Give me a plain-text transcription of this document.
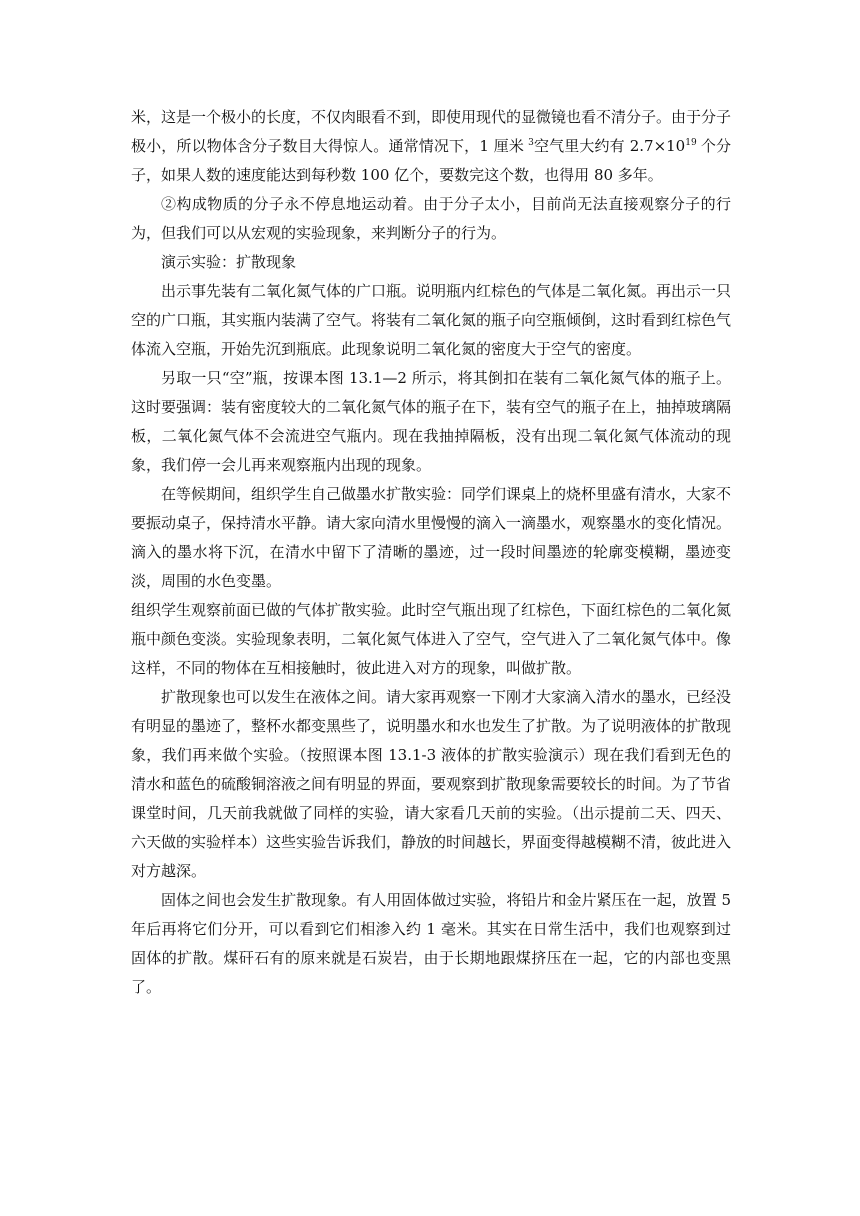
米，这是一个极小的长度，不仅肉眼看不到，即使用现代的显微镜也看不清分子。由于分子极小，所以物体含分子数目大得惊人。通常情况下，1 厘米 $^3$空气里大约有 $2.7\times 10^{19}$ 个分子，如果人数的速度能达到每秒数 100 亿个，要数完这个数，也得用 80 多年。

②构成物质的分子永不停息地运动着。由于分子太小，目前尚无法直接观察分子的行为，但我们可以从宏观的实验现象，来判断分子的行为。

演示实验：扩散现象

出示事先装有二氧化氮气体的广口瓶。说明瓶内红棕色的气体是二氧化氮。再出示一只空的广口瓶，其实瓶内装满了空气。将装有二氧化氮的瓶子向空瓶倾倒，这时看到红棕色气体流入空瓶，开始先沉到瓶底。此现象说明二氧化氮的密度大于空气的密度。

另取一只“空”瓶，按课本图 13.1—2 所示，将其倒扣在装有二氧化氮气体的瓶子上。这时要强调：装有密度较大的二氧化氮气体的瓶子在下，装有空气的瓶子在上，抽掉玻璃隔板，二氧化氮气体不会流进空气瓶内。现在我抽掉隔板，没有出现二氧化氮气体流动的现象，我们停一会儿再来观察瓶内出现的现象。

在等候期间，组织学生自己做墨水扩散实验：同学们课桌上的烧杯里盛有清水，大家不要振动桌子，保持清水平静。请大家向清水里慢慢的滴入一滴墨水，观察墨水的变化情况。滴入的墨水将下沉，在清水中留下了清晰的墨迹，过一段时间墨迹的轮廓变模糊，墨迹变淡，周围的水色变墨。

组织学生观察前面已做的气体扩散实验。此时空气瓶出现了红棕色，下面红棕色的二氧化氮瓶中颜色变淡。实验现象表明，二氧化氮气体进入了空气，空气进入了二氧化氮气体中。像这样，不同的物体在互相接触时，彼此进入对方的现象，叫做扩散。

扩散现象也可以发生在液体之间。请大家再观察一下刚才大家滴入清水的墨水，已经没有明显的墨迹了，整杯水都变黑些了，说明墨水和水也发生了扩散。为了说明液体的扩散现象，我们再来做个实验。（按照课本图 13.1-3 液体的扩散实验演示）现在我们看到无色的清水和蓝色的硫酸铜溶液之间有明显的界面，要观察到扩散现象需要较长的时间。为了节省课堂时间，几天前我就做了同样的实验，请大家看几天前的实验。（出示提前二天、四天、六天做的实验样本）这些实验告诉我们，静放的时间越长，界面变得越模糊不清，彼此进入对方越深。

固体之间也会发生扩散现象。有人用固体做过实验，将铅片和金片紧压在一起，放置 5 年后再将它们分开，可以看到它们相渗入约 1 毫米。其实在日常生活中，我们也观察到过固体的扩散。煤矸石有的原来就是石炭岩，由于长期地跟煤挤压在一起，它的内部也变黑了。
